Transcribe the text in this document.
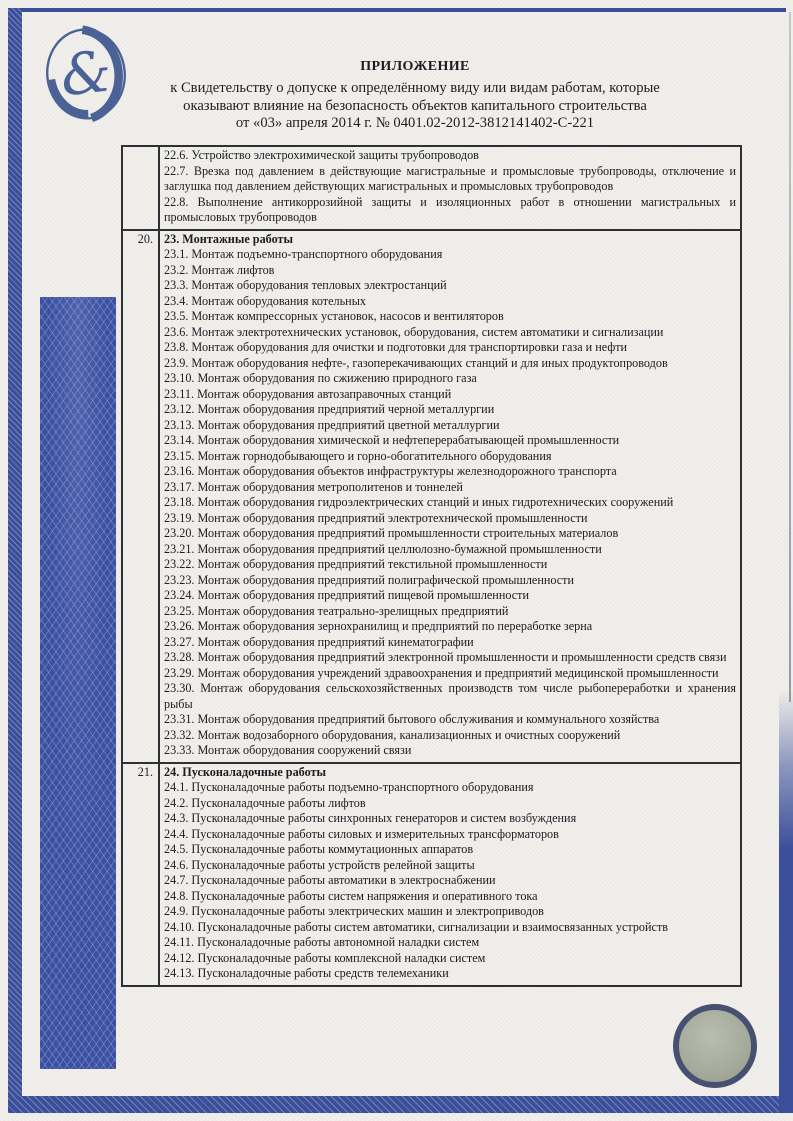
&	ПРИЛОЖЕНИЕ
к Свидетельству о допуске к определённому виду или видам работам, которые
оказывают влияние на безопасность объектов капитального строительства
от «03» апреля 2014 г. № 0401.02-2012-3812141402-С-221
22.6. Устройство электрохимической защиты трубопроводов
22.7. Врезка под давлением в действующие магистральные и промысловые трубопроводы, отключение и заглушка под давлением действующих магистральных и промысловых трубопроводов
22.8. Выполнение антикоррозийной защиты и изоляционных работ в отношении магистральных и промысловых трубопроводов
20. 23. Монтажные работы
23.1. Монтаж подъемно-транспортного оборудования
23.2. Монтаж лифтов
23.3. Монтаж оборудования тепловых электростанций
23.4. Монтаж оборудования котельных
23.5. Монтаж компрессорных установок, насосов и вентиляторов
23.6. Монтаж электротехнических установок, оборудования, систем автоматики и сигнализации
23.8. Монтаж оборудования для очистки и подготовки для транспортировки газа и нефти
23.9. Монтаж оборудования нефте-, газоперекачивающих станций и для иных продуктопроводов
23.10. Монтаж оборудования по сжижению природного газа
23.11. Монтаж оборудования автозаправочных станций
23.12. Монтаж оборудования предприятий черной металлургии
23.13. Монтаж оборудования предприятий цветной металлургии
23.14. Монтаж оборудования химической и нефтеперерабатывающей промышленности
23.15. Монтаж горнодобывающего и горно-обогатительного оборудования
23.16. Монтаж оборудования объектов инфраструктуры железнодорожного транспорта
23.17. Монтаж оборудования метрополитенов и тоннелей
23.18. Монтаж оборудования гидроэлектрических станций и иных гидротехнических сооружений
23.19. Монтаж оборудования предприятий электротехнической промышленности
23.20. Монтаж оборудования предприятий промышленности строительных материалов
23.21. Монтаж оборудования предприятий целлюлозно-бумажной промышленности
23.22. Монтаж оборудования предприятий текстильной промышленности
23.23. Монтаж оборудования предприятий полиграфической промышленности
23.24. Монтаж оборудования предприятий пищевой промышленности
23.25. Монтаж оборудования театрально-зрелищных предприятий
23.26. Монтаж оборудования зернохранилищ и предприятий по переработке зерна
23.27. Монтаж оборудования предприятий кинематографии
23.28. Монтаж оборудования предприятий электронной промышленности и промышленности средств связи
23.29. Монтаж оборудования учреждений здравоохранения и предприятий медицинской промышленности
23.30. Монтаж оборудования сельскохозяйственных производств том числе рыбопереработки и хранения рыбы
23.31. Монтаж оборудования предприятий бытового обслуживания и коммунального хозяйства
23.32. Монтаж водозаборного оборудования, канализационных и очистных сооружений
23.33. Монтаж оборудования сооружений связи
21. 24. Пусконаладочные работы
24.1. Пусконаладочные работы подъемно-транспортного оборудования
24.2. Пусконаладочные работы лифтов
24.3. Пусконаладочные работы синхронных генераторов и систем возбуждения
24.4. Пусконаладочные работы силовых и измерительных трансформаторов
24.5. Пусконаладочные работы коммутационных аппаратов
24.6. Пусконаладочные работы устройств релейной защиты
24.7. Пусконаладочные работы автоматики в электроснабжении
24.8. Пусконаладочные работы систем напряжения и оперативного тока
24.9. Пусконаладочные работы электрических машин и электроприводов
24.10. Пусконаладочные работы систем автоматики, сигнализации и взаимосвязанных устройств
24.11. Пусконаладочные работы автономной наладки систем
24.12. Пусконаладочные работы комплексной наладки систем
24.13. Пусконаладочные работы средств телемеханики
